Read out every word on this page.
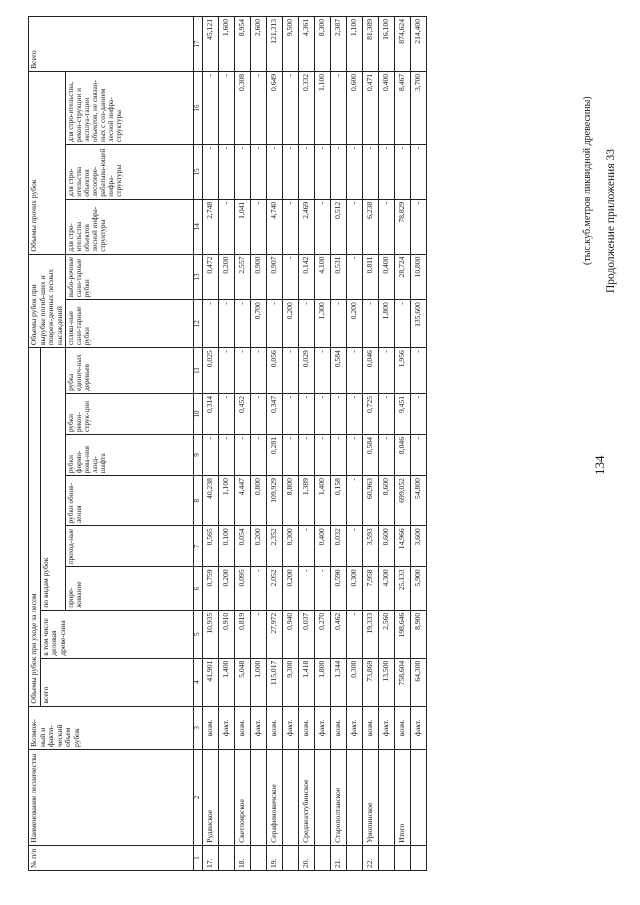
134
Продолжение приложения 33
(тыс.куб.метров ликвидной древесины)
№ п/п	Наименование лесничества	Возмож-ный и факти-ческий объем рубок	Объемы рубок при уходе за лесом								Объемы рубок при вырубке погиб-ших и повреж-денных лесных насаждений		Объемы прочих рубок			Всего
			всего	в том числе деловая древе-сина	по видам рубок											
					прорe-живание	проход-ные	рубки обнов-ления	рубки форми-рова-ния ланд-шафта	рубки рекон-струк-ции	рубка единич-ных деревьев	сплош-ные сани-тарные рубки	выбо-рочные сани-тарные рубки	для стро-ительства объектов лесной инфра-структуры	для стро-ительства объектов лесопере-рабатыва-ющей инфра-структуры	для стро-ительства, рекон-струкции и эксплуа-тации объектов, не связан-ных с соз-данием лесной инфра-структуры	
1	2	3	4	5	6	7	8	9	10	11	12	13	14	15	16	17
17.	Рудянское	возм.	41,901	10,935	0,759	0,565	40,238	-	0,314	0,025	-	0,472	2,748	-	-	45,121
		факт.	1,400	0,910	0,200	0,100	1,100	-	-	-	-	0,200	-	-	-	1,600
18.	Светлоярское	возм.	5,048	0,819	0,095	0,054	4,447	-	0,452	-	-	2,557	1,041	-	0,308	8,954
		факт.	1,000	-	-	0,200	0,800	-	-	-	0,700	0,900	-	-	-	2,600
19.	Серафимовичское	возм.	115,017	27,972	2,052	2,352	109,929	0,281	0,347	0,056	-	0,907	4,740	-	0,649	121,313
		факт.	9,300	0,940	0,200	0,300	8,800	-	-	-	0,200	-	-	-	-	9,500
20.	Среднеахтубинское	возм.	1,418	0,037	-	-	1,389	-	-	0,029	-	0,142	2,469	-	0,332	4,361
		факт.	1,800	0,270	-	0,400	1,400	-	-	-	1,300	4,100	-	-	1,100	8,300
21.	Старополтавское	возм.	1,344	0,462	0,590	0,032	0,158	-	-	0,584	-	0,531	0,512	-	-	2,387
		факт.	0,300	-	0,300	-	-	-	-	-	0,200	-	-	-	0,600	1,100
22.	Урюпинское	возм.	73,869	19,333	7,958	3,593	60,963	0,584	0,725	0,046	-	0,811	6,238	-	0,471	81,389
		факт.	13,500	2,560	4,300	0,600	8,600	-	-	-	1,800	0,400	-	-	0,400	16,100
	Итого	возм.	758,604	198,646	25,133	14,966	699,052	8,046	9,451	1,956	-	28,724	78,829	-	8,467	874,624
		факт.	64,300	8,900	5,900	3,600	54,800	-	-	-	135,600	10,800	-	-	3,700	214,400
